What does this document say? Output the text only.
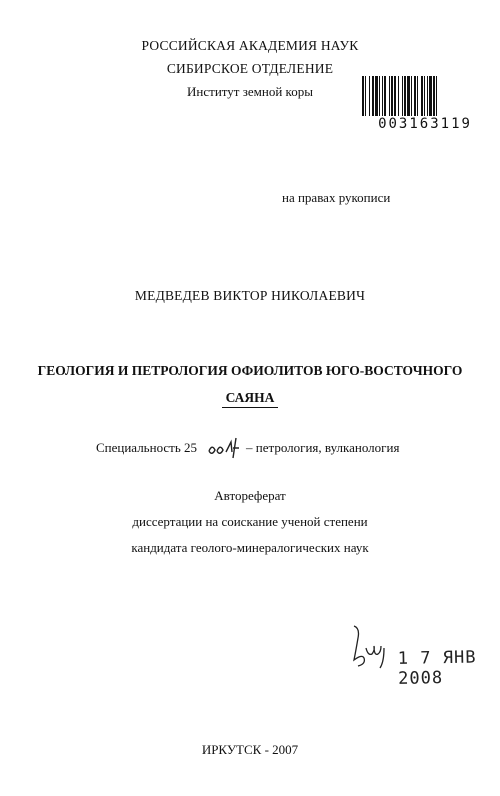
РОССИЙСКАЯ АКАДЕМИЯ НАУК
СИБИРСКОЕ ОТДЕЛЕНИЕ
Институт земной коры
003163119
на правах рукописи
МЕДВЕДЕВ ВИКТОР НИКОЛАЕВИЧ
ГЕОЛОГИЯ И ПЕТРОЛОГИЯ ОФИОЛИТОВ ЮГО-ВОСТОЧНОГО
САЯНА
Специальность 25	– петрология, вулканология
Автореферат
диссертации на соискание ученой степени
кандидата геолого-минералогических наук
1 7 ЯНВ 2008
ИРКУТСК - 2007
